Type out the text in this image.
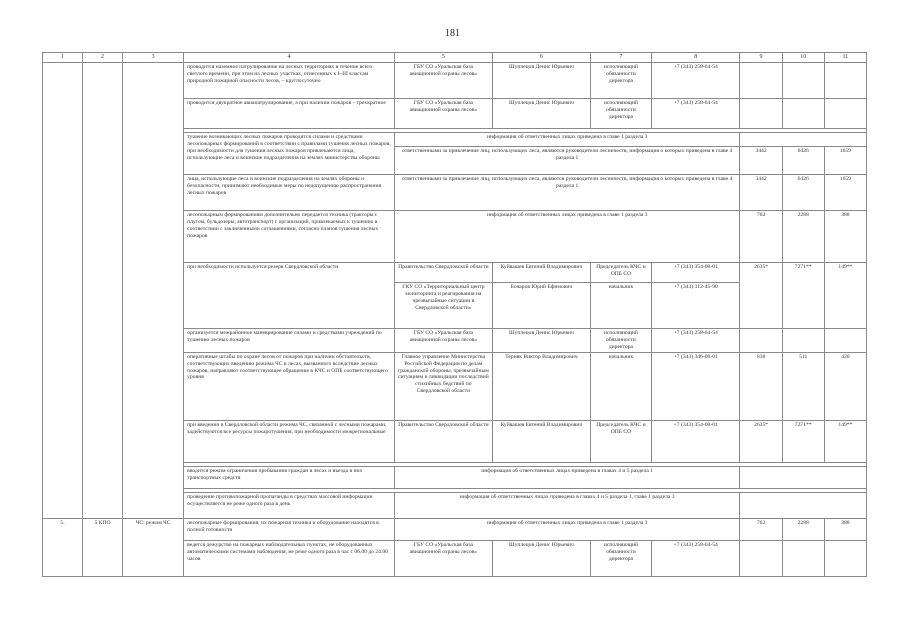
181
1	2	3	4	5	6	7	8	9	10	11
			проводится наземное патрулирование на лесных территориях в течение всего светлого времени, при этом на лесных участках, отнесенных к I–III классам природной пожарной опасности лесов, – круглосуточно	ГБУ СО «Уральская база авиационной охраны лесов»	Шуплецов Денис Юрьевич	исполняющий обязанности директора	+7 (343) 258-64-54			
			проводится двукратное авиапатрулирование, а при наличии пожаров – трехкратное	ГБУ СО «Уральская база авиационной охраны лесов»	Шуплецов Денис Юрьевич	исполняющий обязанности директора	+7 (343) 258-64-54			

			тушение возникающих лесных пожаров проводится силами и средствами лесопожарных формирований в соответствии с правилами тушения лесных пожаров, при необходимости для тушения лесных пожаров привлекаются лица, использующие леса и воинские подразделения на землях министерства обороны	информация об ответственных лицах приведена в главе 1 раздела 3						
				ответственными за привлечение лиц, использующих леса, являются руководители лесничеств, информация о которых приведена в главе 4 раздела 1				3442	6426	1659
			лица, использующие леса и воинские подразделения на землях обороны и безопасности, принимают необходимые меры по недопущению распространения лесных пожаров	ответственными за привлечение лиц, использующих леса, являются руководители лесничеств, информация о которых приведена в главе 4 раздела 1				3442	6426	1659
			лесопожарным формированиям дополнительно передается техника (тракторы с плугом, бульдозеры, автотранспорт) с организаций, привлекаемых к тушению в соответствии с заключенными соглашениями, согласно планов тушения лесных пожаров	информация об ответственных лицах приведена в главе 1 раздела 3				762	2288	388
			при необходимости используется резерв Свердловской области	Правительство Свердловской области	Куйвашев Евгений Владимирович	Председатель КЧС и ОПБ СО	+7 (343) 354-00-01	2635*	7271**	149**
				ГКУ СО «Территориальный центр мониторинга и реагирования на чрезвычайные ситуации в Свердловской области»	Бочаров Юрий Ефимович	начальник	+7 (343) 312-45-90			
			организуется межрайонное маневрирование силами и средствами учреждений по тушению лесных пожаров	ГБУ СО «Уральская база авиационной охраны лесов»	Шуплецов Денис Юрьевич	исполняющий обязанности директора	+7 (343) 258-64-54			
			оперативные штабы по охране лесов от пожаров при наличии обстоятельств, соответствующих введению режима ЧС в лесах, вызванного вследствие лесных пожаров, направляют соответствующее обращение в КЧС и ОПБ соответствующего уровня	Главное управление Министерства Российской Федерации по делам гражданской обороны, чрезвычайным ситуациям и ликвидации последствий стихийных бедствий по Свердловской области	Терняк Виктор Владимирович	начальник	+7 (343) 346-00-01	838	511	420
			при введении в Свердловской области режима ЧС, связанной с лесными пожарами, задействуются все ресурсы пожаротушения, при необходимости межрегиональные	Правительство Свердловской области	Куйвашев Евгений Владимирович	Председатель КЧС и ОПБ СО	+7 (343) 354-00-01	2635*	7271**	149**

			вводится режим ограничения пребывания граждан в лесах и въезда в них транспортных средств	информация об ответственных лицах приведена в главах 4 и 5 раздела 1						

			проведение противопожарной пропаганды в средствах массовой информации осуществляется не реже одного раза в день	информация об ответственных лицах приведена в главах 4 и 5 раздела 1, главе 1 раздела 3						
5.	5 КПО	ЧС: режим ЧС	лесопожарные формирования, их пожарная техника и оборудование находятся в полной готовности	информация об ответственных лицах приведена в главе 1 раздела 3				762	2288	388
			ведется дежурство на пожарных наблюдательных пунктах, не оборудованных автоматическими системами наблюдения, не реже одного раза в час с 06.00 до 24.00 часов	ГБУ СО «Уральская база авиационной охраны лесов»	Шуплецов Денис Юрьевич	исполняющий обязанности директора	+7 (343) 258-64-54			
